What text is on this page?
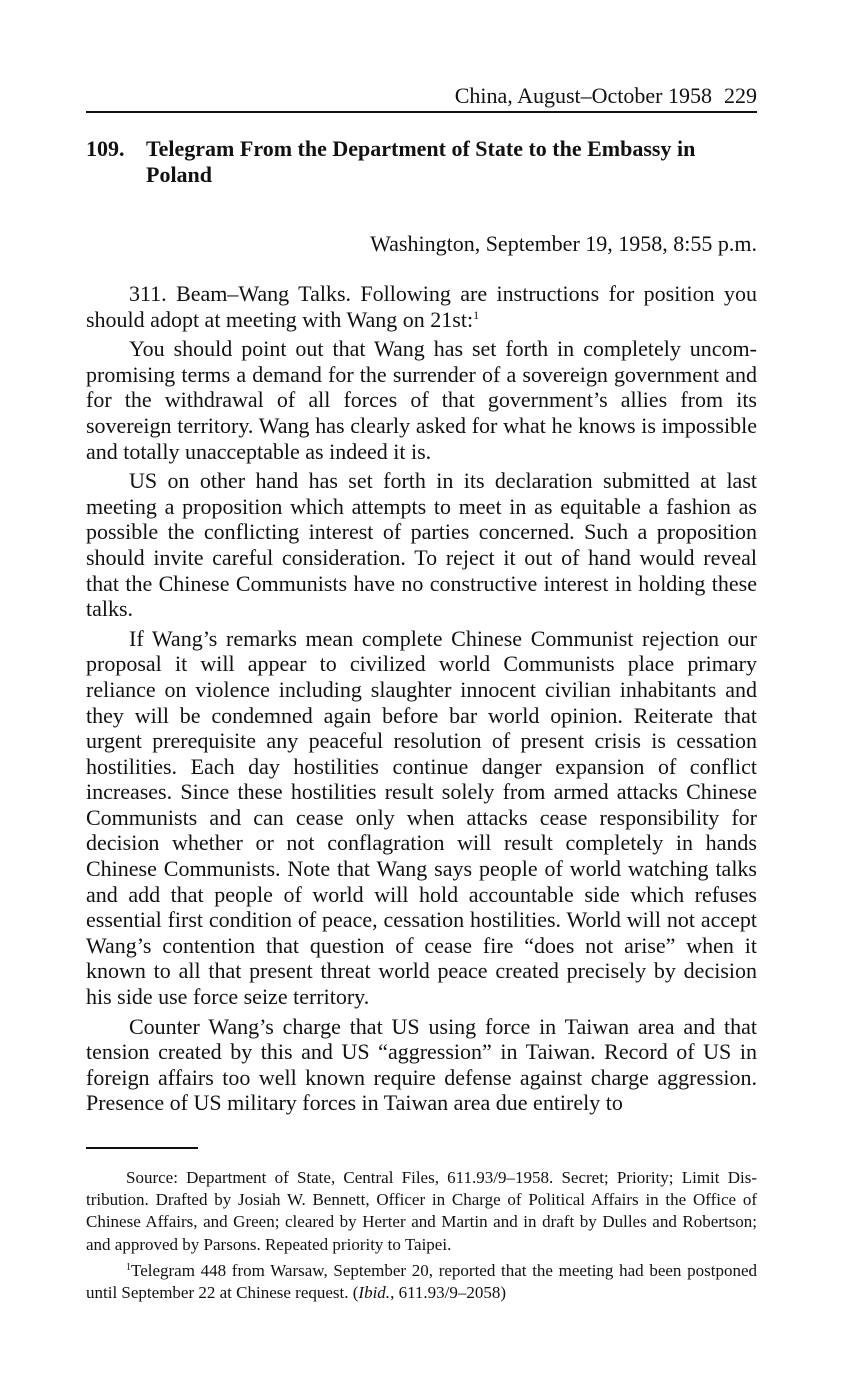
China, August–October 1958 229
109. Telegram From the Department of State to the Embassy in Poland
Washington, September 19, 1958, 8:55 p.m.

311. Beam–Wang Talks. Following are instructions for position you should adopt at meeting with Wang on 21st:$^1$

You should point out that Wang has set forth in completely uncompromising terms a demand for the surrender of a sovereign government and for the withdrawal of all forces of that government’s allies from its sovereign territory. Wang has clearly asked for what he knows is impossible and totally unacceptable as indeed it is.

US on other hand has set forth in its declaration submitted at last meeting a proposition which attempts to meet in as equitable a fashion as possible the conflicting interest of parties concerned. Such a proposition should invite careful consideration. To reject it out of hand would reveal that the Chinese Communists have no constructive interest in holding these talks.

If Wang’s remarks mean complete Chinese Communist rejection our proposal it will appear to civilized world Communists place primary reliance on violence including slaughter innocent civilian inhabitants and they will be condemned again before bar world opinion. Reiterate that urgent prerequisite any peaceful resolution of present crisis is cessation hostilities. Each day hostilities continue danger expansion of conflict increases. Since these hostilities result solely from armed attacks Chinese Communists and can cease only when attacks cease responsibility for decision whether or not conflagration will result completely in hands Chinese Communists. Note that Wang says people of world watching talks and add that people of world will hold accountable side which refuses essential first condition of peace, cessation hostilities. World will not accept Wang’s contention that question of cease fire “does not arise” when it known to all that present threat world peace created precisely by decision his side use force seize territory.

Counter Wang’s charge that US using force in Taiwan area and that tension created by this and US “aggression” in Taiwan. Record of US in foreign affairs too well known require defense against charge aggression. Presence of US military forces in Taiwan area due entirely to

Source: Department of State, Central Files, 611.93/9–1958. Secret; Priority; Limit Distribution. Drafted by Josiah W. Bennett, Officer in Charge of Political Affairs in the Office of Chinese Affairs, and Green; cleared by Herter and Martin and in draft by Dulles and Robertson; and approved by Parsons. Repeated priority to Taipei.

$^1$Telegram 448 from Warsaw, September 20, reported that the meeting had been postponed until September 22 at Chinese request. (Ibid., 611.93/9–2058)
